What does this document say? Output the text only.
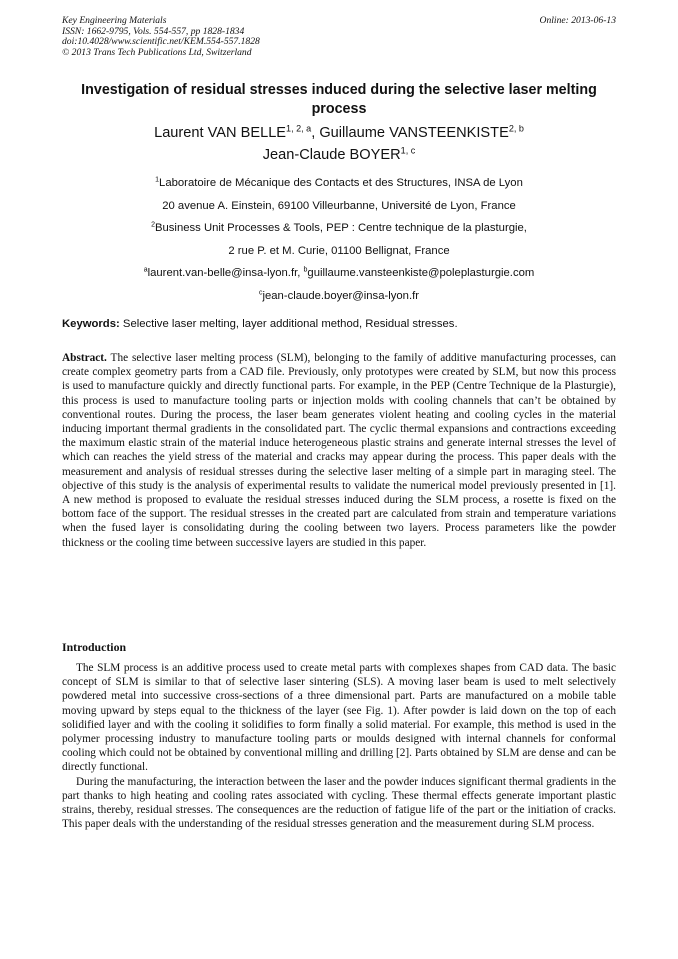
Key Engineering Materials
ISSN: 1662-9795, Vols. 554-557, pp 1828-1834
doi:10.4028/www.scientific.net/KEM.554-557.1828
© 2013 Trans Tech Publications Ltd, Switzerland
Online: 2013-06-13
Investigation of residual stresses induced during the selective laser melting process
Laurent VAN BELLE$^{1, 2, a}$, Guillaume VANSTEENKISTE$^{2, b}$
Jean-Claude BOYER$^{1, c}$
$^1$Laboratoire de Mécanique des Contacts et des Structures, INSA de Lyon
20 avenue A. Einstein, 69100 Villeurbanne, Université de Lyon, France
$^2$Business Unit Processes & Tools, PEP : Centre technique de la plasturgie,
2 rue P. et M. Curie, 01100 Bellignat, France
$^a$laurent.van-belle@insa-lyon.fr, $^b$guillaume.vansteenkiste@poleplasturgie.com
$^c$jean-claude.boyer@insa-lyon.fr
Keywords: Selective laser melting, layer additional method, Residual stresses.
Abstract. The selective laser melting process (SLM), belonging to the family of additive manufacturing processes, can create complex geometry parts from a CAD file. Previously, only prototypes were created by SLM, but now this process is used to manufacture quickly and directly functional parts. For example, in the PEP (Centre Technique de la Plasturgie), this process is used to manufacture tooling parts or injection molds with cooling channels that can’t be obtained by conventional routes. During the process, the laser beam generates violent heating and cooling cycles in the material inducing important thermal gradients in the consolidated part. The cyclic thermal expansions and contractions exceeding the maximum elastic strain of the material induce heterogeneous plastic strains and generate internal stresses the level of which can reaches the yield stress of the material and cracks may appear during the process. This paper deals with the measurement and analysis of residual stresses during the selective laser melting of a simple part in maraging steel. The objective of this study is the analysis of experimental results to validate the numerical model previously presented in [1]. A new method is proposed to evaluate the residual stresses induced during the SLM process, a rosette is fixed on the bottom face of the support. The residual stresses in the created part are calculated from strain and temperature variations when the fused layer is consolidating during the cooling between two layers. Process parameters like the powder thickness or the cooling time between successive layers are studied in this paper.
Introduction

The SLM process is an additive process used to create metal parts with complexes shapes from CAD data. The basic concept of SLM is similar to that of selective laser sintering (SLS). A moving laser beam is used to melt selectively powdered metal into successive cross-sections of a three dimensional part. Parts are manufactured on a mobile table moving upward by steps equal to the thickness of the layer (see Fig. 1). After powder is laid down on the top of each solidified layer and with the cooling it solidifies to form finally a solid material. For example, this method is used in the polymer processing industry to manufacture tooling parts or moulds designed with internal channels for conformal cooling which could not be obtained by conventional milling and drilling [2]. Parts obtained by SLM are dense and can be directly functional.

During the manufacturing, the interaction between the laser and the powder induces significant thermal gradients in the part thanks to high heating and cooling rates associated with cycling. These thermal effects generate important plastic strains, thereby, residual stresses. The consequences are the reduction of fatigue life of the part or the initiation of cracks. This paper deals with the understanding of the residual stresses generation and the measurement during SLM process.
